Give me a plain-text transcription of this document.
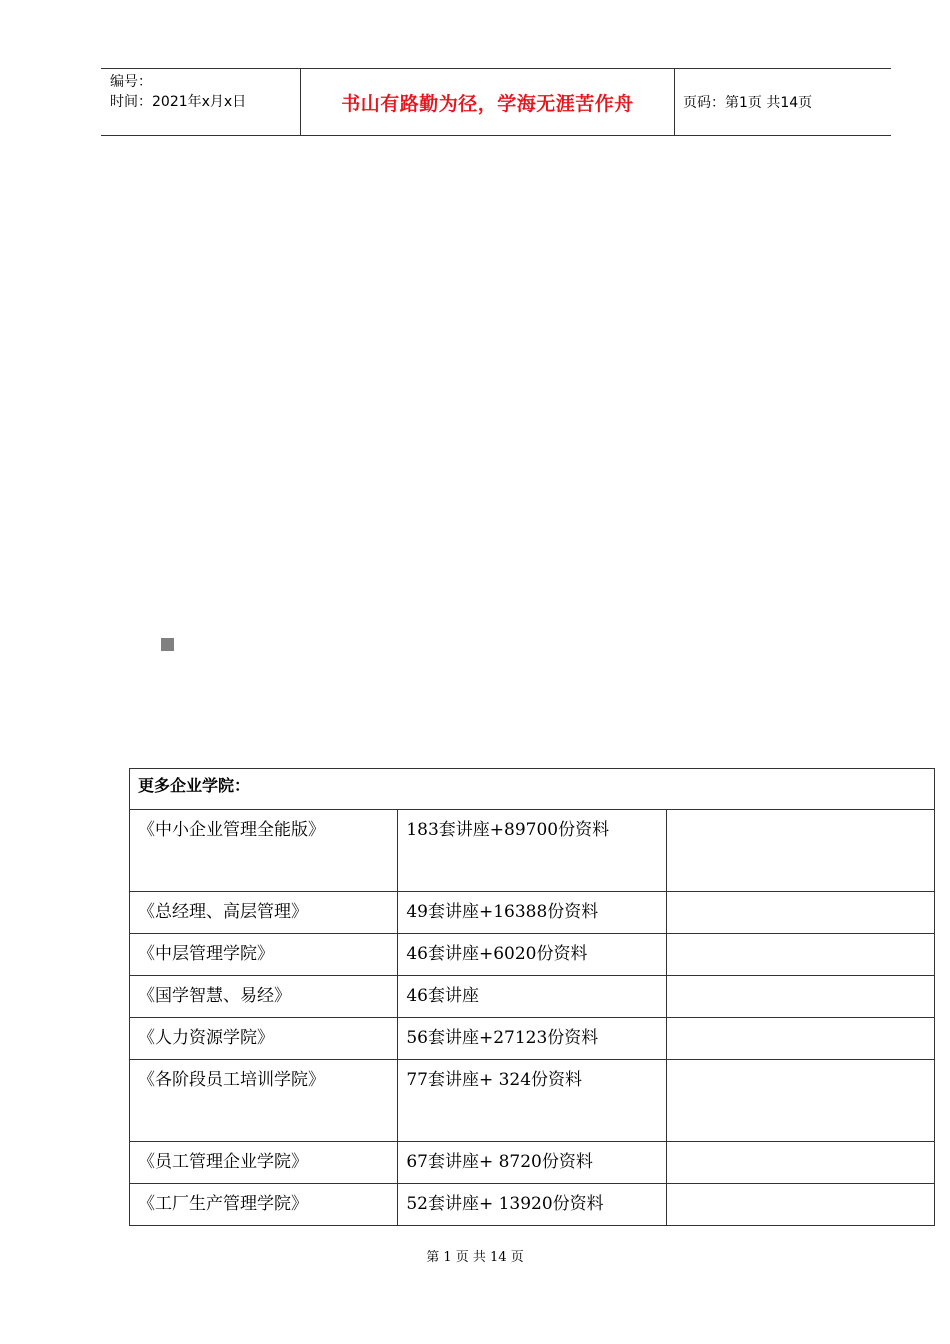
编号：
时间：2021年x月x日	书山有路勤为径，学海无涯苦作舟	页码：第1页 共14页
更多企业学院：		
《中小企业管理全能版》	183套讲座+89700份资料	
《总经理、高层管理》	49套讲座+16388份资料	
《中层管理学院》	46套讲座+6020份资料	
《国学智慧、易经》	46套讲座	
《人力资源学院》	56套讲座+27123份资料	
《各阶段员工培训学院》	77套讲座+ 324份资料	
《员工管理企业学院》	67套讲座+ 8720份资料	
《工厂生产管理学院》	52套讲座+ 13920份资料	
第 1 页 共 14 页
